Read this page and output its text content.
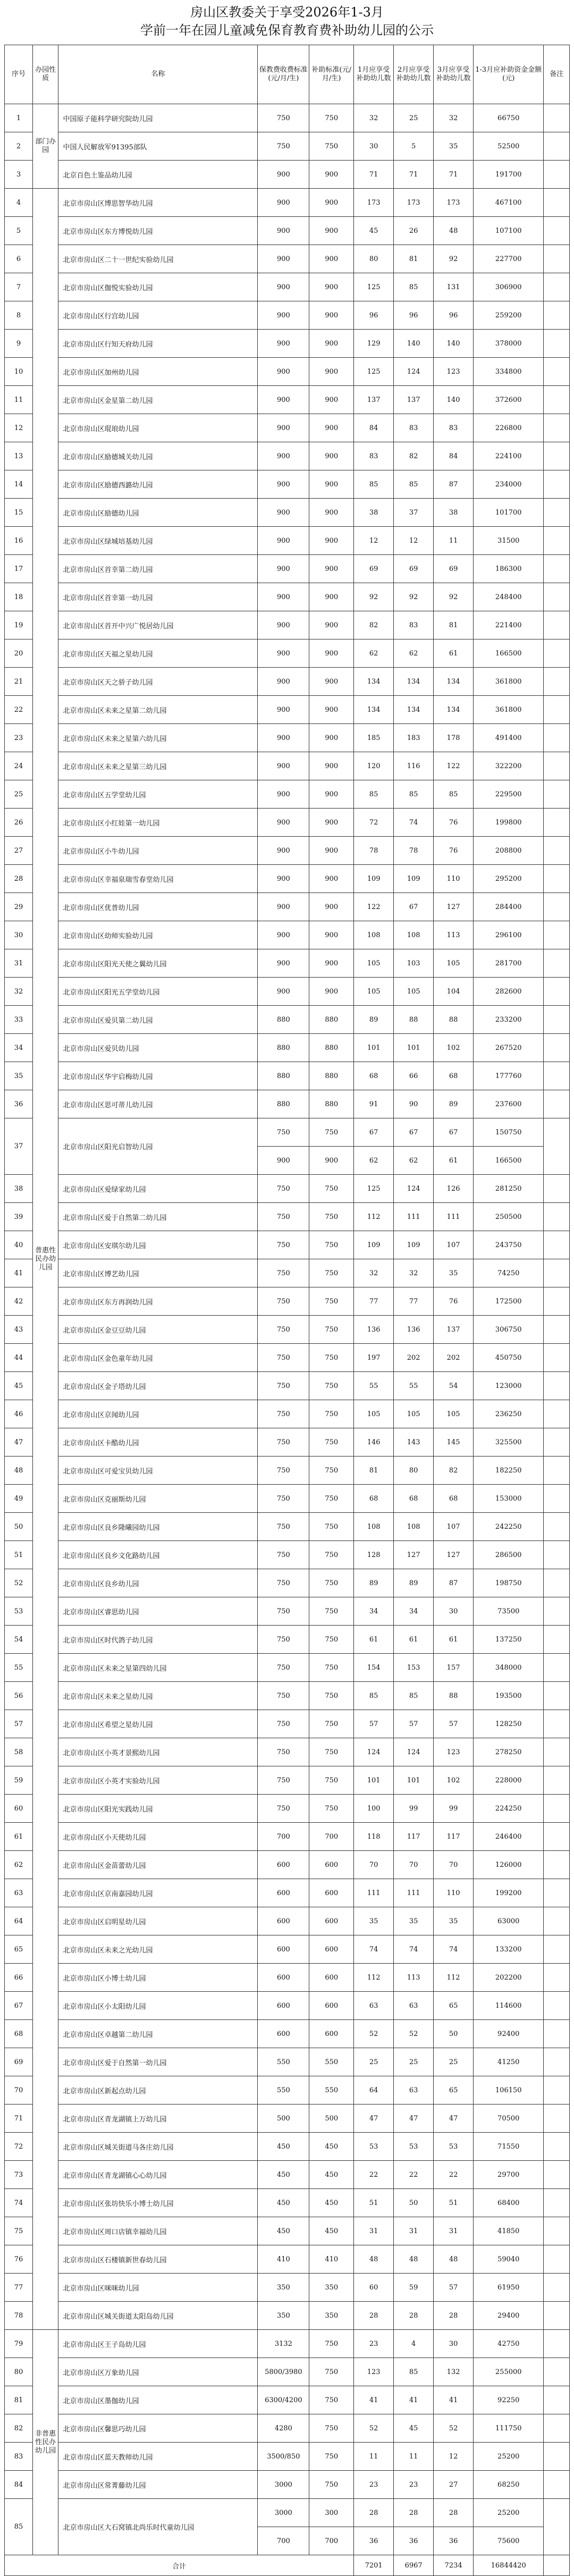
房山区教委关于享受2026年1-3月
学前一年在园儿童减免保育教育费补助幼儿园的公示
序号	办园性质	名称	保教费收费标准(元/月/生)	补助标准(元/月/生)	1月应享受补助幼儿数	2月应享受补助幼儿数	3月应享受补助幼儿数	1-3月应补助资金金额(元)	备注
1	部门办园	中国原子能科学研究院幼儿园	750	750	32	25	32	66750	
2		中国人民解放军91395部队	750	750	30	5	35	52500	
3		北京百色土鉴品幼儿园	900	900	71	71	71	191700	
4	普惠性民办幼儿园	北京市房山区博思智华幼儿园	900	900	173	173	173	467100	
5		北京市房山区东方博悦幼儿园	900	900	45	26	48	107100	
6		北京市房山区二十一世纪实验幼儿园	900	900	80	81	92	227700	
7		北京市房山区伽悦实验幼儿园	900	900	125	85	131	306900	
8		北京市房山区行宫幼儿园	900	900	96	96	96	259200	
9		北京市房山区行知天府幼儿园	900	900	129	140	140	378000	
10		北京市房山区加州幼儿园	900	900	125	124	123	334800	
11		北京市房山区金星第二幼儿园	900	900	137	137	140	372600	
12		北京市房山区琨琅幼儿园	900	900	84	83	83	226800	
13		北京市房山区励德城关幼儿园	900	900	83	82	84	224100	
14		北京市房山区励德西潞幼儿园	900	900	85	85	87	234000	
15		北京市房山区励德幼儿园	900	900	38	37	38	101700	
16		北京市房山区绿城培基幼儿园	900	900	12	12	11	31500	
17		北京市房山区首幸第二幼儿园	900	900	69	69	69	186300	
18		北京市房山区首幸第一幼儿园	900	900	92	92	92	248400	
19		北京市房山区首开中兴广悦居幼儿园	900	900	82	83	81	221400	
20		北京市房山区天福之星幼儿园	900	900	62	62	61	166500	
21		北京市房山区天之骄子幼儿园	900	900	134	134	134	361800	
22		北京市房山区未来之星第二幼儿园	900	900	134	134	134	361800	
23		北京市房山区未来之星第六幼儿园	900	900	185	183	178	491400	
24		北京市房山区未来之星第三幼儿园	900	900	120	116	122	322200	
25		北京市房山区五学堂幼儿园	900	900	85	85	85	229500	
26		北京市房山区小红娃第一幼儿园	900	900	72	74	76	199800	
27		北京市房山区小牛幼儿园	900	900	78	78	76	208800	
28		北京市房山区幸福泉瑞雪春堂幼儿园	900	900	109	109	110	295200	
29		北京市房山区优普幼儿园	900	900	122	67	127	284400	
30		北京市房山区幼师实验幼儿园	900	900	108	108	113	296100	
31		北京市房山区阳光天使之翼幼儿园	900	900	105	103	105	281700	
32		北京市房山区阳光五学堂幼儿园	900	900	105	105	104	282600	
33		北京市房山区爱贝第二幼儿园	880	880	89	88	88	233200	
34		北京市房山区爱贝幼儿园	880	880	101	101	102	267520	
35		北京市房山区华宇启梅幼儿园	880	880	68	66	68	177760	
36		北京市房山区思可蒂儿幼儿园	880	880	91	90	89	237600	
37		北京市房山区阳光启智幼儿园	750	750	67	67	67	150750	
			900	900	62	62	61	166500	
38		北京市房山区爱绿家幼儿园	750	750	125	124	126	281250	
39		北京市房山区爱于自然第二幼儿园	750	750	112	111	111	250500	
40		北京市房山区安琪尔幼儿园	750	750	109	109	107	243750	
41		北京市房山区博艺幼儿园	750	750	32	32	35	74250	
42		北京市房山区东方再润幼儿园	750	750	77	77	76	172500	
43		北京市房山区金豆豆幼儿园	750	750	136	136	137	306750	
44		北京市房山区金色童年幼儿园	750	750	197	202	202	450750	
45		北京市房山区金子塔幼儿园	750	750	55	55	54	123000	
46		北京市房山区京闻幼儿园	750	750	105	105	105	236250	
47		北京市房山区卡酷幼儿园	750	750	146	143	145	325500	
48		北京市房山区可爱宝贝幼儿园	750	750	81	80	82	182250	
49		北京市房山区克丽斯幼儿园	750	750	68	68	68	153000	
50		北京市房山区良乡隆曦园幼儿园	750	750	108	108	107	242250	
51		北京市房山区良乡文化路幼儿园	750	750	128	127	127	286500	
52		北京市房山区良乡幼儿园	750	750	89	89	87	198750	
53		北京市房山区睿思幼儿园	750	750	34	34	30	73500	
54		北京市房山区时代鸽子幼儿园	750	750	61	61	61	137250	
55		北京市房山区未来之星第四幼儿园	750	750	154	153	157	348000	
56		北京市房山区未来之星幼儿园	750	750	85	85	88	193500	
57		北京市房山区希望之星幼儿园	750	750	57	57	57	128250	
58		北京市房山区小英才景熙幼儿园	750	750	124	124	123	278250	
59		北京市房山区小英才实验幼儿园	750	750	101	101	102	228000	
60		北京市房山区阳光实践幼儿园	750	750	100	99	99	224250	
61		北京市房山区小天使幼儿园	700	700	118	117	117	246400	
62		北京市房山区金苗蕾幼儿园	600	600	70	70	70	126000	
63		北京市房山区京南嘉园幼儿园	600	600	111	111	110	199200	
64		北京市房山区启明星幼儿园	600	600	35	35	35	63000	
65		北京市房山区未来之光幼儿园	600	600	74	74	74	133200	
66		北京市房山区小博士幼儿园	600	600	112	113	112	202200	
67		北京市房山区小太阳幼儿园	600	600	63	63	65	114600	
68		北京市房山区卓越第二幼儿园	600	600	52	52	50	92400	
69		北京市房山区爱于自然第一幼儿园	550	550	25	25	25	41250	
70		北京市房山区新起点幼儿园	550	550	64	63	65	106150	
71		北京市房山区青龙湖镇上万幼儿园	500	500	47	47	47	70500	
72		北京市房山区城关街道马各庄幼儿园	450	450	53	53	53	71550	
73		北京市房山区青龙湖镇心心幼儿园	450	450	22	22	22	29700	
74		北京市房山区张坊快乐小博士幼儿园	450	450	51	50	51	68400	
75		北京市房山区周口店镇幸福幼儿园	450	450	31	31	31	41850	
76		北京市房山区石楼镇新世春幼儿园	410	410	48	48	48	59040	
77		北京市房山区咪咪幼儿园	350	350	60	59	57	61950	
78		北京市房山区城关街道太阳岛幼儿园	350	350	28	28	28	29400	
79	非普惠性民办幼儿园	北京市房山区王子岛幼儿园	3132	750	23	4	30	42750	
80		北京市房山区万象幼儿园	5800/3980	750	123	85	132	255000	
81		北京市房山区墨伽幼儿园	6300/4200	750	41	41	41	92250	
82		北京市房山区馨思巧幼儿园	4280	750	52	45	52	111750	
83		北京市房山区蓝天教师幼儿园	3500/850	750	11	11	12	25200	
84		北京市房山区常菁藤幼儿园	3000	750	23	23	27	68250	
85		北京市房山区大石窝镇北尚乐时代童幼儿园	3000	300	28	28	28	25200	
			700	700	36	36	36	75600	
合计					7201	6967	7234	16844420	
